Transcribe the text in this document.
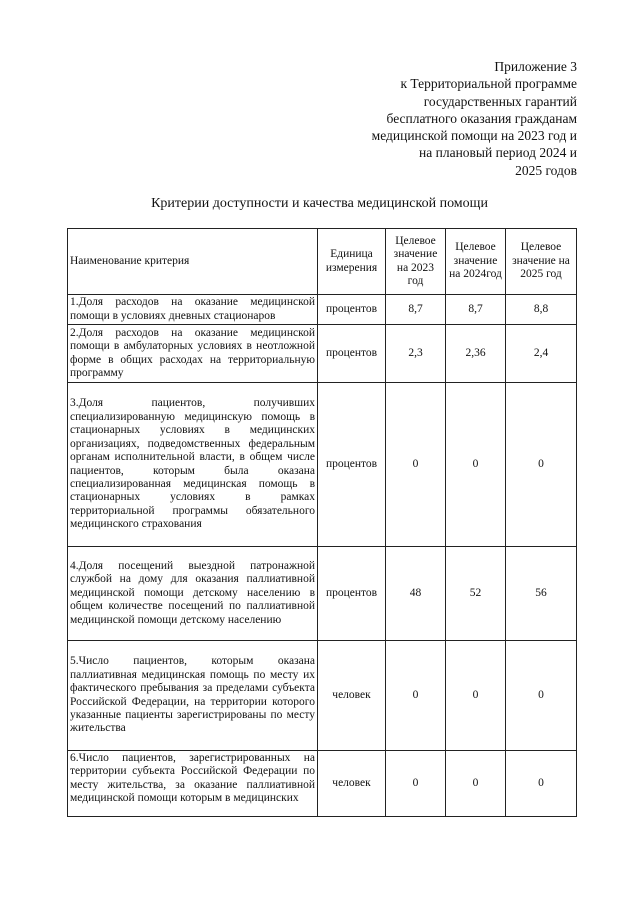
Приложение 3
к Территориальной программе
государственных гарантий
бесплатного оказания гражданам
медицинской помощи на 2023 год и
на плановый период 2024 и
2025 годов
Критерии доступности и качества медицинской помощи
Наименование критерия	Единица измерения	Целевое значение на 2023 год	Целевое значение на 2024год	Целевое значение на 2025 год
1.Доля расходов на оказание медицинской помощи в условиях дневных стационаров	процентов	8,7	8,7	8,8
2.Доля расходов на оказание медицинской помощи в амбулаторных условиях в неотложной форме в общих расходах на территориальную программу	процентов	2,3	2,36	2,4
3.Доля пациентов, получивших специализированную медицинскую помощь в стационарных условиях в медицинских организациях, подведомственных федеральным органам исполнительной власти, в общем числе пациентов, которым была оказана специализированная медицинская помощь в стационарных условиях в рамках территориальной программы обязательного медицинского страхования	процентов	0	0	0
4.Доля посещений выездной патронажной службой на дому для оказания паллиативной медицинской помощи детскому населению в общем количестве посещений по паллиативной медицинской помощи детскому населению	процентов	48	52	56
5.Число пациентов, которым оказана паллиативная медицинская помощь по месту их фактического пребывания за пределами субъекта Российской Федерации, на территории которого указанные пациенты зарегистрированы по месту жительства	человек	0	0	0

6.Число пациентов, зарегистрированных на территории субъекта Российской Федерации по месту жительства, за оказание паллиативной медицинской помощи которым в медицинских	человек	0	0	0
